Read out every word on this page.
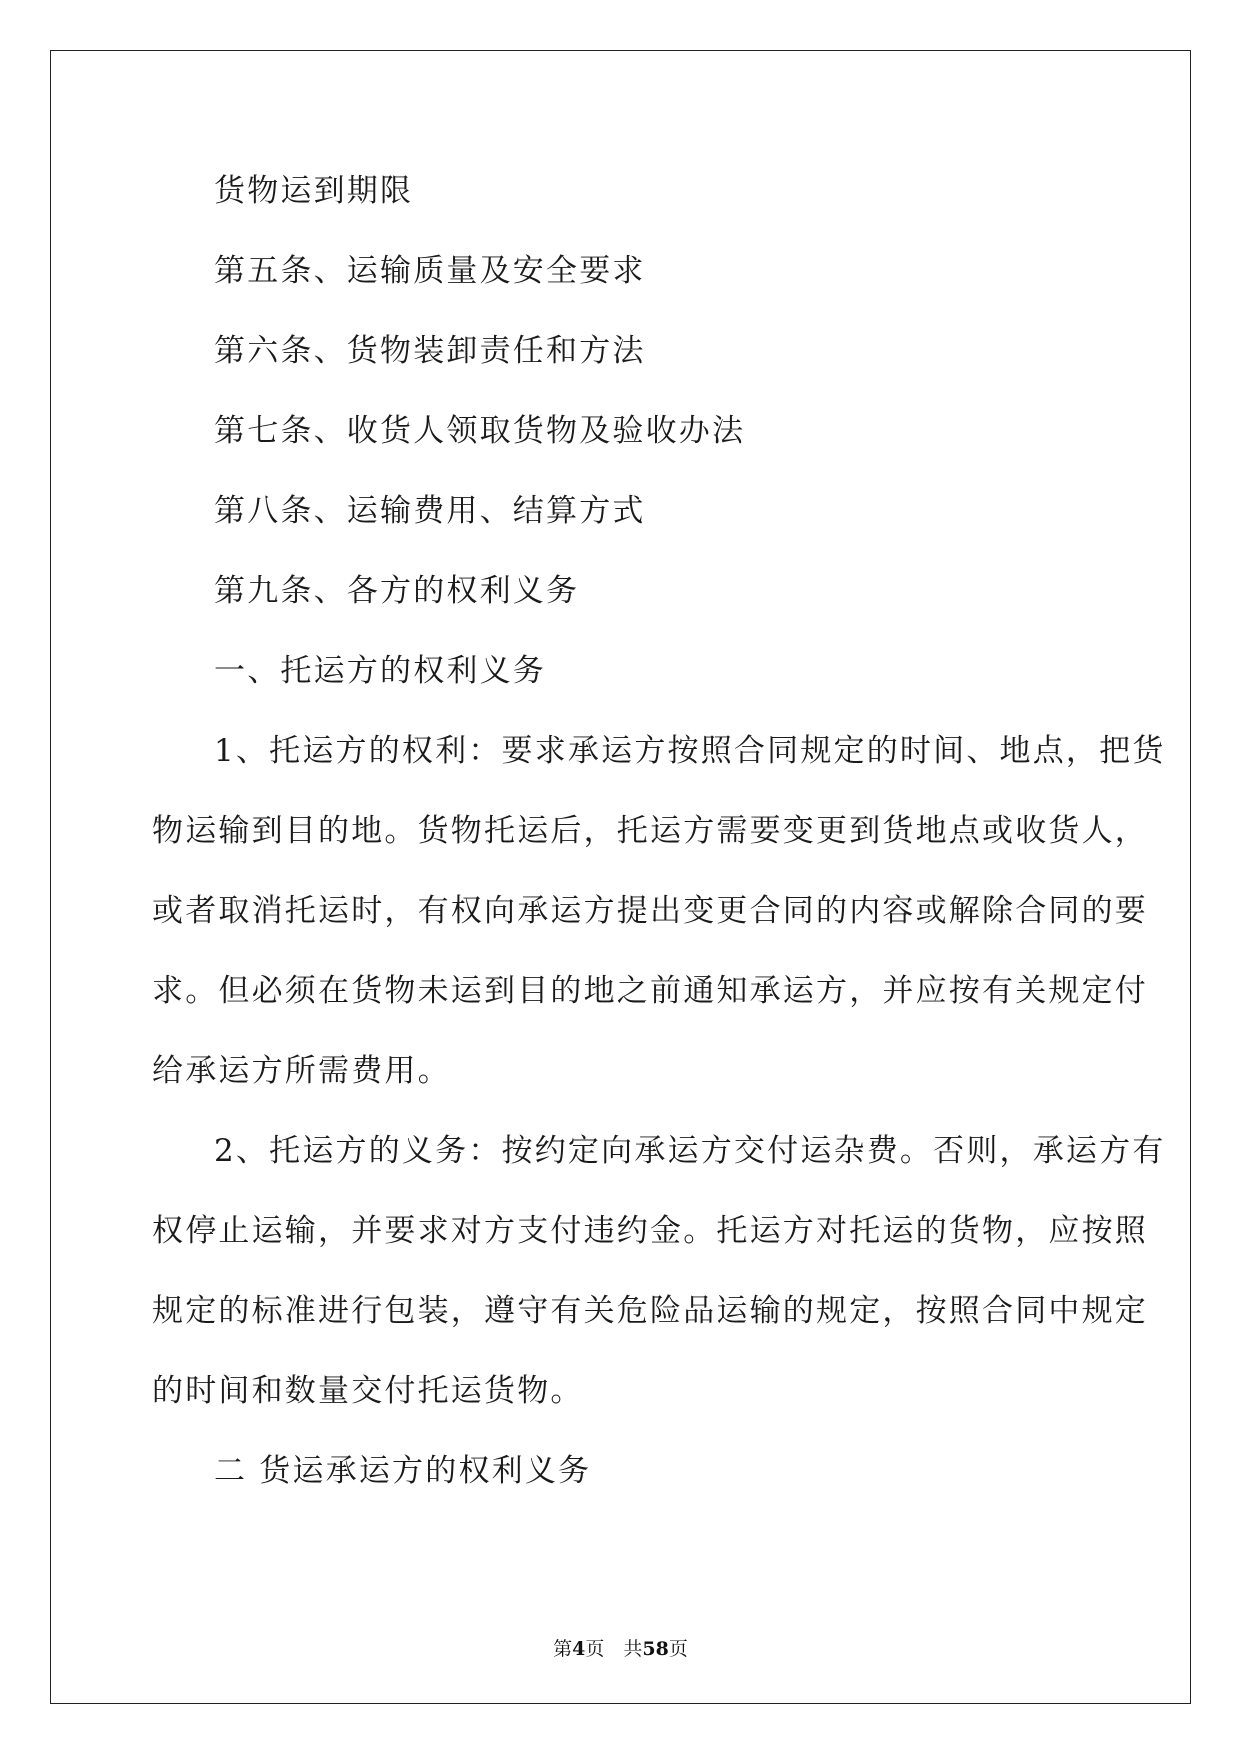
货物运到期限
第五条、运输质量及安全要求
第六条、货物装卸责任和方法
第七条、收货人领取货物及验收办法
第八条、运输费用、结算方式
第九条、各方的权利义务
一、托运方的权利义务
1、托运方的权利：要求承运方按照合同规定的时间、地点，把货
物运输到目的地。货物托运后，托运方需要变更到货地点或收货人，
或者取消托运时，有权向承运方提出变更合同的内容或解除合同的要
求。但必须在货物未运到目的地之前通知承运方，并应按有关规定付
给承运方所需费用。
2、托运方的义务：按约定向承运方交付运杂费。否则，承运方有
权停止运输，并要求对方支付违约金。托运方对托运的货物，应按照
规定的标准进行包装，遵守有关危险品运输的规定，按照合同中规定
的时间和数量交付托运货物。
二 货运承运方的权利义务
第4页　共58页
